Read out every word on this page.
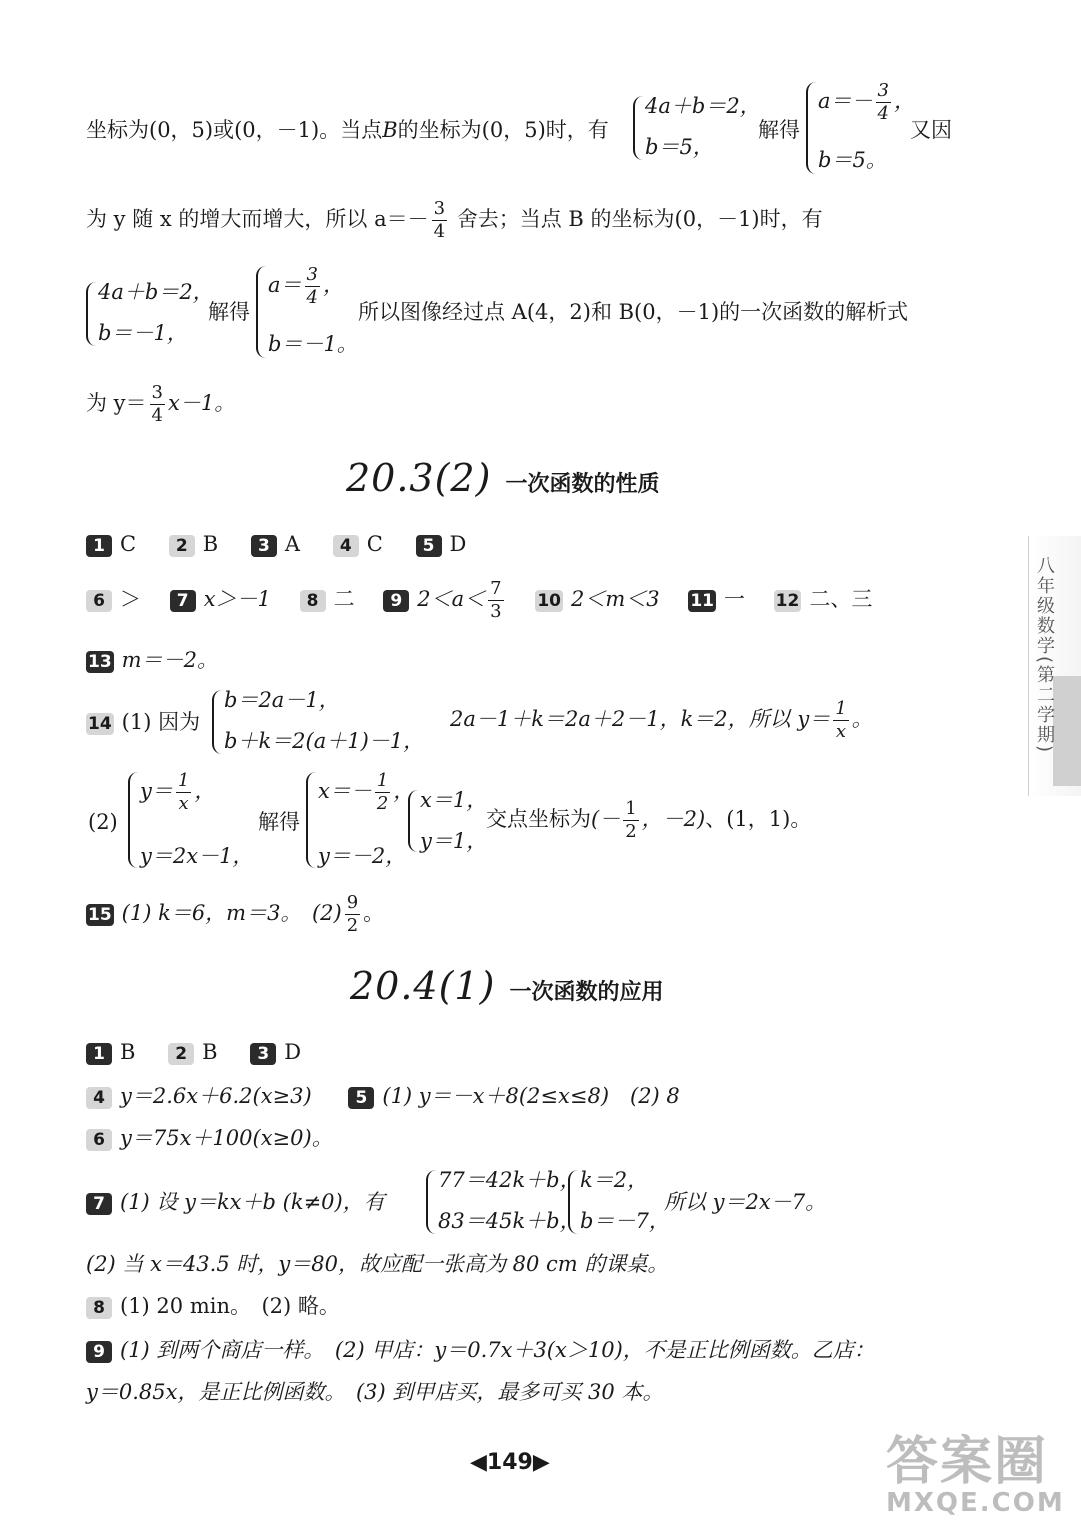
坐标为(0，5)或(0，－1)。当点B的坐标为(0，5)时，有
4a＋b＝2，
b＝5，
解得
$a=- \frac{3}{4}$ ，
b＝5。
又因
为 y 随 x 的增大而增大，所以 $a=- \frac{3}{4}$ 舍去；当点 B 的坐标为(0，－1)时，有
4a＋b＝2，
b＝－1，
解得
$a= \frac{3}{4}$ ，
b＝－1。
所以图像经过点 A(4，2)和 B(0，－1)的一次函数的解析式
为 $y= \frac{3}{4} x-1$。
20.3(2) 一次函数的性质
1 C 2 B 3 A 4 C 5 D
6 ＞ 7 x＞－1 8 二 9 $2<a< \frac{7}{3} 10$ 2＜m＜3 11 一 12 二、三
13 m＝－2。
14 (1) 因为
b＝2a－1，
b＋k＝2(a＋1)－1，
2a－1＋k＝2a＋2－1，k＝2，所以 $y= \frac{1}{x}$ 。
(2)
$y= \frac{1}{x}$ ，
y＝2x－1，
解得
$x=- \frac{1}{2}$ ，
y＝－2，
x＝1，
y＝1，
交点坐标为(－ $\frac{1}{2}$ ，－2)、(1，1)。
15 (1) k＝6，m＝3。　$(2) \frac{9}{2}$ 。
20.4(1) 一次函数的应用
1 B 2 B 3 D
4 y＝2.6x＋6.2(x≥3)	5 (1) y＝－x＋8(2≤x≤8)　(2) 8
6 y＝75x＋100(x≥0)。
7 (1) 设 y＝kx＋b (k≠0)，有
77＝42k＋b，
83＝45k＋b，
k＝2，
b＝－7，
所以 y＝2x－7。
(2) 当 x＝43.5 时，y＝80，故应配一张高为 80 cm 的课桌。
8 (1) 20 min。　(2) 略。
9 (1) 到两个商店一样。　(2) 甲店：y＝0.7x＋3(x＞10)，不是正比例函数。乙店：
y＝0.85x，是正比例函数。　(3) 到甲店买，最多可买 30 本。
八年级数学(第二学期)
◀149▶	答案圈
MXQE.COM
